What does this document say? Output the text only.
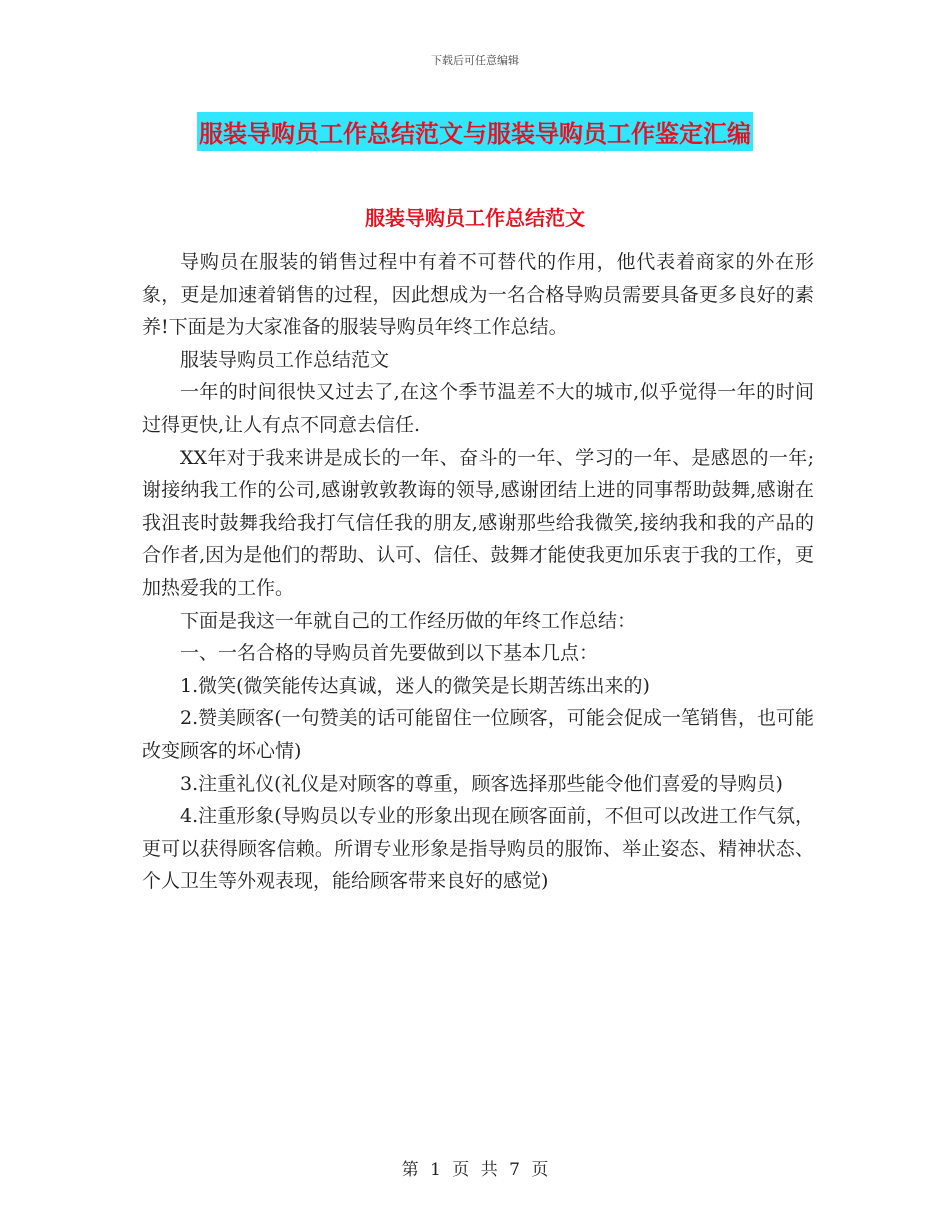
下载后可任意编辑
服装导购员工作总结范文与服装导购员工作鉴定汇编
服装导购员工作总结范文

导购员在服装的销售过程中有着不可替代的作用，他代表着商家的外在形象，更是加速着销售的过程，因此想成为一名合格导购员需要具备更多良好的素养!下面是为大家准备的服装导购员年终工作总结。

服装导购员工作总结范文

一年的时间很快又过去了,在这个季节温差不大的城市,似乎觉得一年的时间过得更快,让人有点不同意去信任.

XX年对于我来讲是成长的一年、奋斗的一年、学习的一年、是感恩的一年;谢接纳我工作的公司,感谢敦敦教诲的领导,感谢团结上进的同事帮助鼓舞,感谢在我沮丧时鼓舞我给我打气信任我的朋友,感谢那些给我微笑,接纳我和我的产品的合作者,因为是他们的帮助、认可、信任、鼓舞才能使我更加乐衷于我的工作，更加热爱我的工作。

下面是我这一年就自己的工作经历做的年终工作总结：

一、一名合格的导购员首先要做到以下基本几点：

1.微笑(微笑能传达真诚，迷人的微笑是长期苦练出来的)

2.赞美顾客(一句赞美的话可能留住一位顾客，可能会促成一笔销售，也可能改变顾客的坏心情)

3.注重礼仪(礼仪是对顾客的尊重，顾客选择那些能令他们喜爱的导购员)

4.注重形象(导购员以专业的形象出现在顾客面前，不但可以改进工作气氛，更可以获得顾客信赖。所谓专业形象是指导购员的服饰、举止姿态、精神状态、个人卫生等外观表现，能给顾客带来良好的感觉)

第 1 页 共 7 页
